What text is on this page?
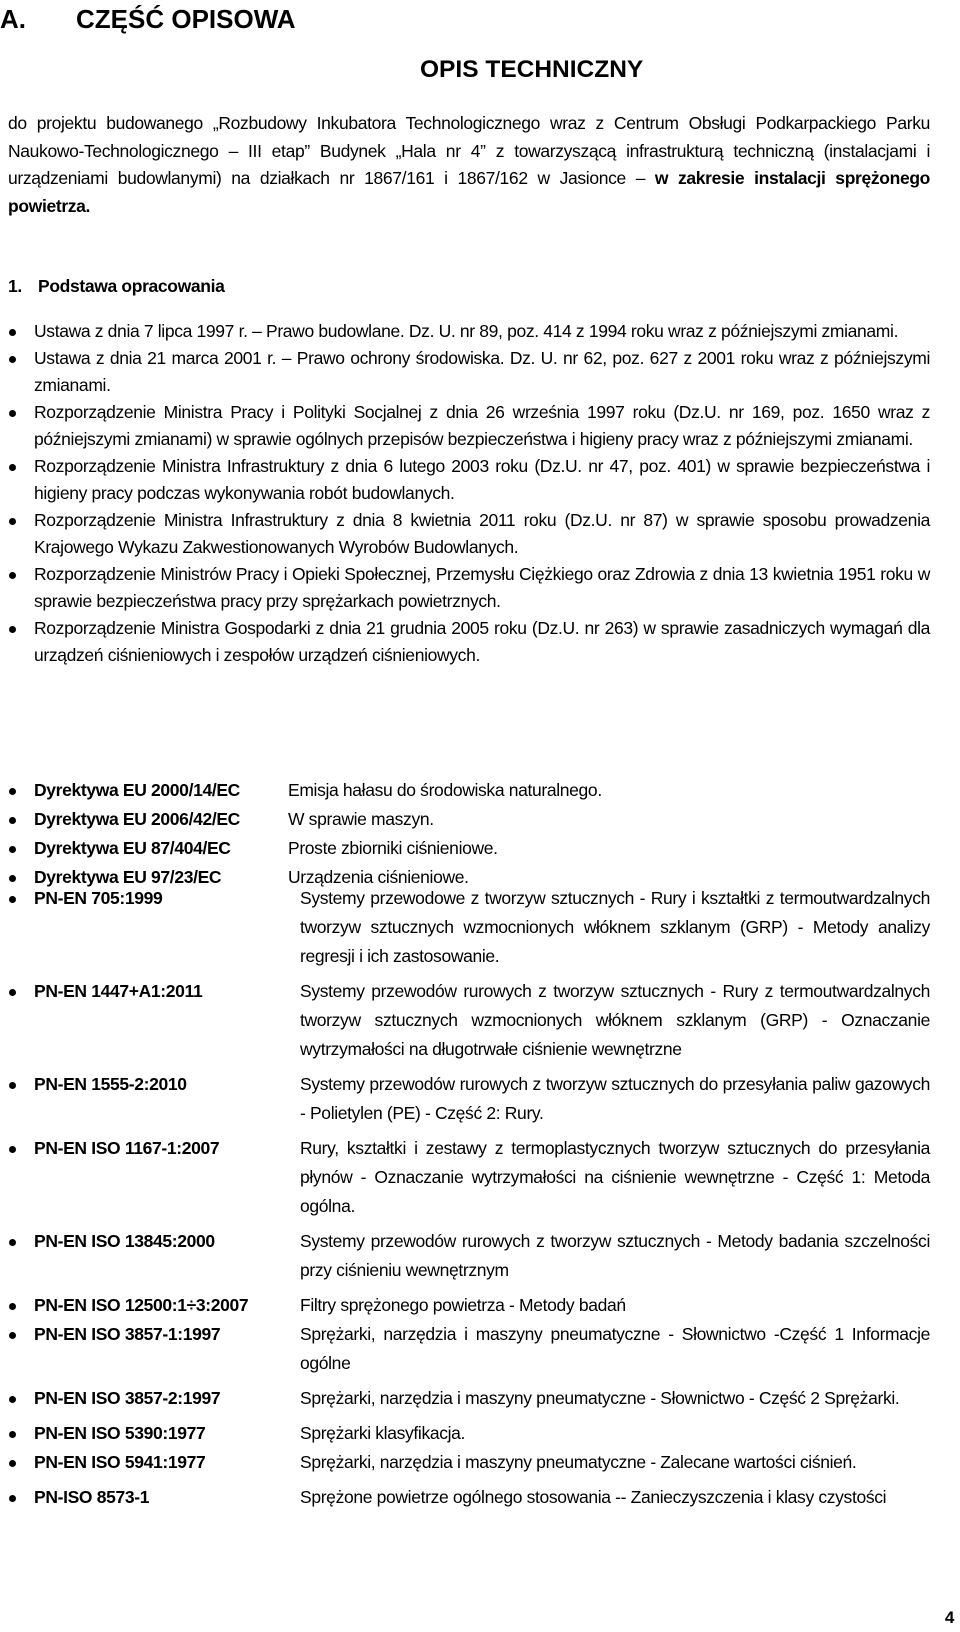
A. CZĘŚĆ OPISOWA
OPIS TECHNICZNY
do projektu budowanego „Rozbudowy Inkubatora Technologicznego wraz z Centrum Obsługi Podkarpackiego Parku Naukowo-Technologicznego – III etap” Budynek „Hala nr 4” z towarzyszącą infrastrukturą techniczną (instalacjami i urządzeniami budowlanymi) na działkach nr 1867/161 i 1867/162 w Jasionce – w zakresie instalacji sprężonego powietrza.
1. Podstawa opracowania
Ustawa z dnia 7 lipca 1997 r. – Prawo budowlane. Dz. U. nr 89, poz. 414 z 1994 roku wraz z późniejszymi zmianami.
Ustawa z dnia 21 marca 2001 r. – Prawo ochrony środowiska. Dz. U. nr 62, poz. 627 z 2001 roku wraz z późniejszymi zmianami.
Rozporządzenie Ministra Pracy i Polityki Socjalnej z dnia 26 września 1997 roku (Dz.U. nr 169, poz. 1650 wraz z późniejszymi zmianami) w sprawie ogólnych przepisów bezpieczeństwa i higieny pracy wraz z późniejszymi zmianami.
Rozporządzenie Ministra Infrastruktury z dnia 6 lutego 2003 roku (Dz.U. nr 47, poz. 401) w sprawie bezpieczeństwa i higieny pracy podczas wykonywania robót budowlanych.
Rozporządzenie Ministra Infrastruktury z dnia 8 kwietnia 2011 roku (Dz.U. nr 87) w sprawie sposobu prowadzenia Krajowego Wykazu Zakwestionowanych Wyrobów Budowlanych.
Rozporządzenie Ministrów Pracy i Opieki Społecznej, Przemysłu Ciężkiego oraz Zdrowia z dnia 13 kwietnia 1951 roku w sprawie bezpieczeństwa pracy przy sprężarkach powietrznych.
Rozporządzenie Ministra Gospodarki z dnia 21 grudnia 2005 roku (Dz.U. nr 263) w sprawie zasadniczych wymagań dla urządzeń ciśnieniowych i zespołów urządzeń ciśnieniowych.
Dyrektywa EU 2000/14/EC	Emisja hałasu do środowiska naturalnego.
Dyrektywa EU 2006/42/EC	W sprawie maszyn.
Dyrektywa EU 87/404/EC	Proste zbiorniki ciśnieniowe.
Dyrektywa EU 97/23/EC	Urządzenia ciśnieniowe.
PN-EN 705:1999	Systemy przewodowe z tworzyw sztucznych - Rury i kształtki z termoutwardzalnych tworzyw sztucznych wzmocnionych włóknem szklanym (GRP) - Metody analizy regresji i ich zastosowanie.
PN-EN 1447+A1:2011	Systemy przewodów rurowych z tworzyw sztucznych - Rury z termoutwardzalnych tworzyw sztucznych wzmocnionych włóknem szklanym (GRP) - Oznaczanie wytrzymałości na długotrwałe ciśnienie wewnętrzne
PN-EN 1555-2:2010	Systemy przewodów rurowych z tworzyw sztucznych do przesyłania paliw gazowych - Polietylen (PE) - Część 2: Rury.
PN-EN ISO 1167-1:2007	Rury, kształtki i zestawy z termoplastycznych tworzyw sztucznych do przesyłania płynów - Oznaczanie wytrzymałości na ciśnienie wewnętrzne - Część 1: Metoda ogólna.
PN-EN ISO 13845:2000	Systemy przewodów rurowych z tworzyw sztucznych - Metody badania szczelności przy ciśnieniu wewnętrznym
PN-EN ISO 12500:1÷3:2007	Filtry sprężonego powietrza - Metody badań
PN-EN ISO 3857-1:1997	Sprężarki, narzędzia i maszyny pneumatyczne - Słownictwo -Część 1 Informacje ogólne
PN-EN ISO 3857-2:1997	Sprężarki, narzędzia i maszyny pneumatyczne - Słownictwo - Część 2 Sprężarki.
PN-EN ISO 5390:1977	Sprężarki klasyfikacja.
PN-EN ISO 5941:1977	Sprężarki, narzędzia i maszyny pneumatyczne - Zalecane wartości ciśnień.
PN-ISO 8573-1	Sprężone powietrze ogólnego stosowania -- Zanieczyszczenia i klasy czystości
4
